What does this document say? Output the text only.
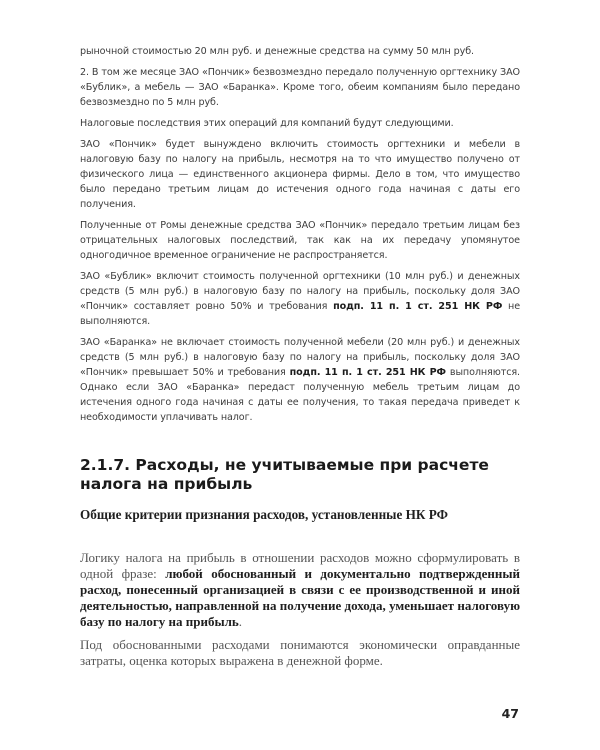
рыночной стоимостью 20 млн руб. и денежные средства на сумму 50 млн руб.

2. В том же месяце ЗАО «Пончик» безвозмездно передало полученную оргтехнику ЗАО «Бублик», а мебель — ЗАО «Баранка». Кроме того, обеим компаниям было передано безвозмездно по 5 млн руб.

Налоговые последствия этих операций для компаний будут следующими.

ЗАО «Пончик» будет вынуждено включить стоимость оргтехники и мебели в налоговую базу по налогу на прибыль, несмотря на то что имущество получено от физического лица — единственного акционера фирмы. Дело в том, что имущество было передано третьим лицам до истечения одного года начиная с даты его получения.

Полученные от Ромы денежные средства ЗАО «Пончик» передало третьим лицам без отрицательных налоговых последствий, так как на их передачу упомянутое одногодичное временное ограничение не распространяется.

ЗАО «Бублик» включит стоимость полученной оргтехники (10 млн руб.) и денежных средств (5 млн руб.) в налоговую базу по налогу на прибыль, поскольку доля ЗАО «Пончик» составляет ровно 50% и требования подп. 11 п. 1 ст. 251 НК РФ не выполняются.

ЗАО «Баранка» не включает стоимость полученной мебели (20 млн руб.) и денежных средств (5 млн руб.) в налоговую базу по налогу на прибыль, поскольку доля ЗАО «Пончик» превышает 50% и требования подп. 11 п. 1 ст. 251 НК РФ выполняются. Однако если ЗАО «Баранка» передаст полученную мебель третьим лицам до истечения одного года начиная с даты ее получения, то такая передача приведет к необходимости уплачивать налог.

2.1.7. Расходы, не учитываемые при расчете налога на прибыль
Общие критерии признания расходов, установленные НК РФ

Логику налога на прибыль в отношении расходов можно сформулировать в одной фразе: любой обоснованный и документально подтвержденный расход, понесенный организацией в связи с ее производственной и иной деятельностью, направленной на получение дохода, уменьшает налоговую базу по налогу на прибыль.

Под обоснованными расходами понимаются экономически оправданные затраты, оценка которых выражена в денежной форме.

47
